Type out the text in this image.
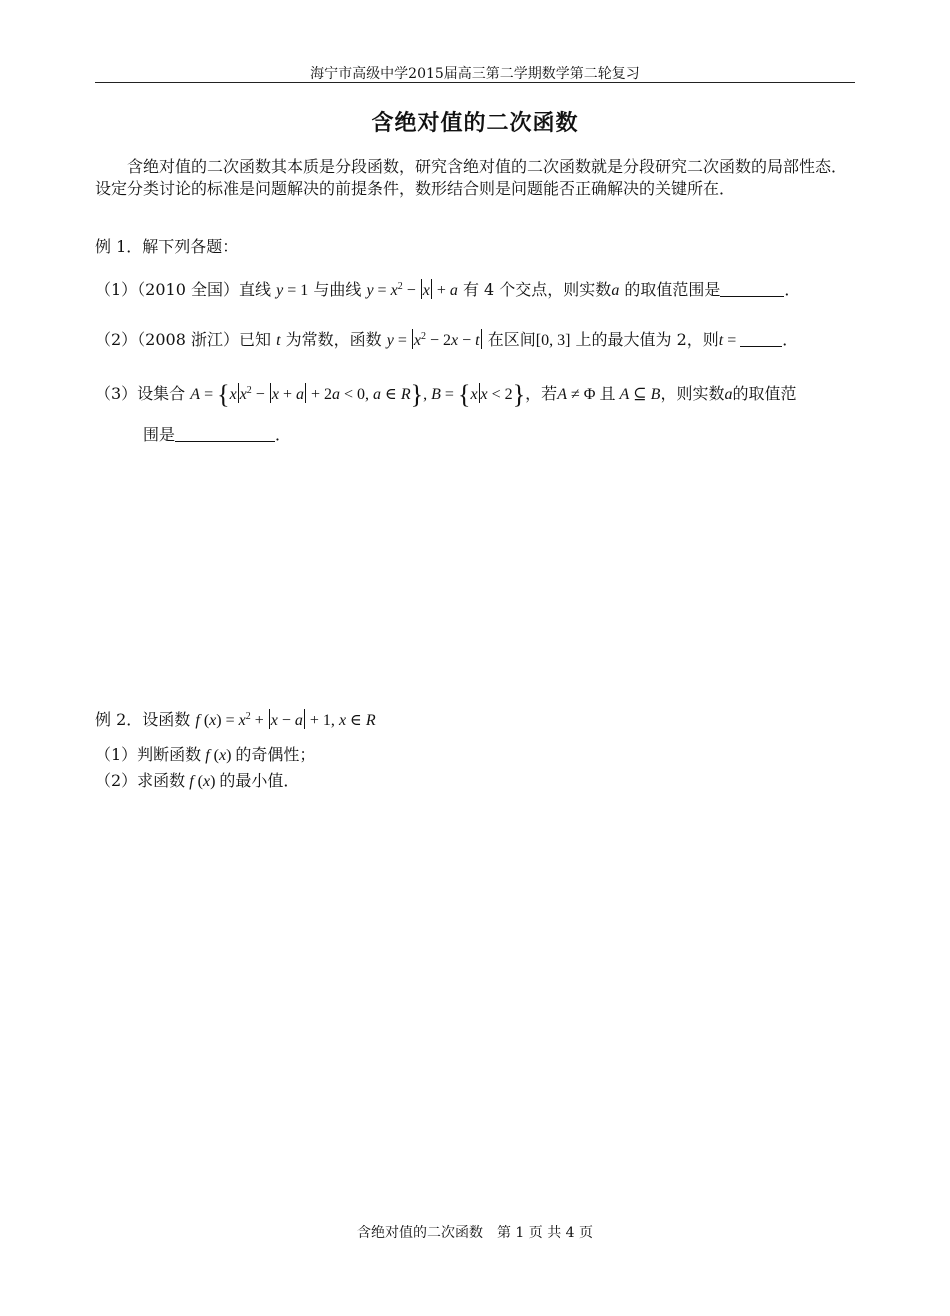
海宁市高级中学2015届高三第二学期数学第二轮复习
含绝对值的二次函数
含绝对值的二次函数其本质是分段函数，研究含绝对值的二次函数就是分段研究二次函数的局部性态．设定分类讨论的标准是问题解决的前提条件，数形结合则是问题能否正确解决的关键所在．
例 1．解下列各题：
（1）（2010 全国）直线 y = 1 与曲线 $y = x^2 - x + a$ 有 4 个交点，则实数a 的取值范围是	．
（2）（2008 浙江）已知 t 为常数，函数 $y = x^2 - 2x - t$ 在区间[0, 3] 上的最大值为 2，则t =	．
（3）设集合 A = {x $x^2 - x + a + 2a < 0$, a ∈ R}, B = {x x < 2}，若A ≠ Φ 且 A ⊆ B，则实数a的取值范
围是	．
例 2．设函数 f $(x) = x^2 + x - a + 1$, x ∈ R
（1）判断函数 f (x) 的奇偶性；
（2）求函数 f (x) 的最小值．
含绝对值的二次函数　第 1 页 共 4 页
